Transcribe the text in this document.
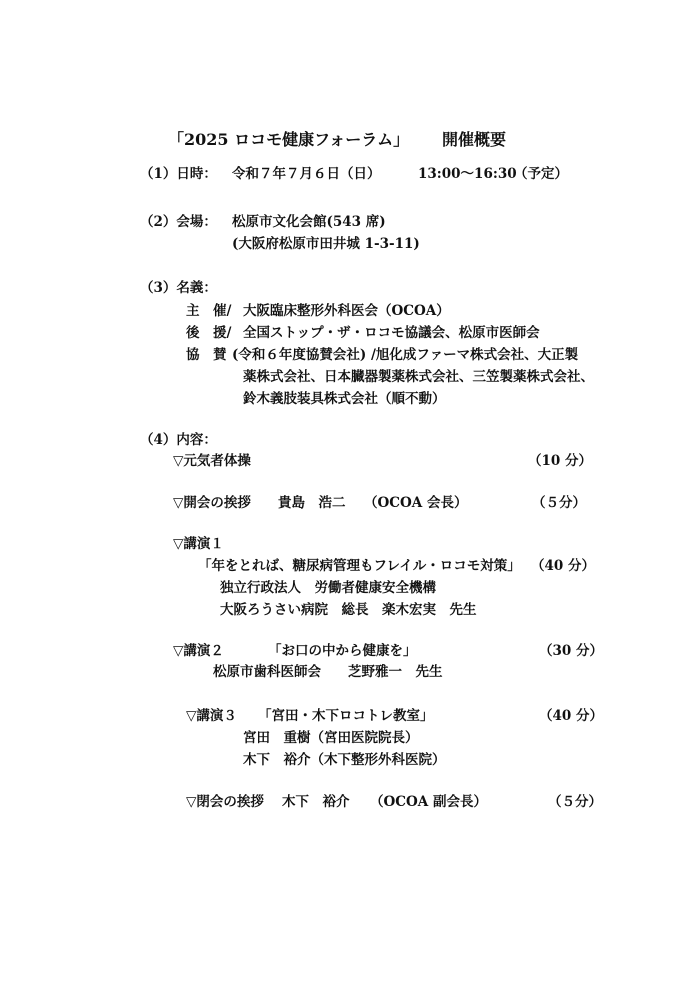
「2025 ロコモ健康フォーラム」 開催概要
（1）日時： 令和７年７月６日（日）	13:00～16:30
（予定）
（2）会場： 松原市文化会館(543 席)
(大阪府松原市田井城 1-3-11)
（3）名義：
主　催/ 大阪臨床整形外科医会（OCOA）
後　援/ 全国ストップ・ザ・ロコモ協議会、松原市医師会
協　賛 (令和６年度協賛会社) /旭化成ファーマ株式会社、大正製
薬株式会社、日本臓器製薬株式会社、三笠製薬株式会社、
鈴木義肢装具株式会社（順不動）
（4）内容：
▽元気者体操	（10 分）
▽開会の挨拶 貴島　浩二 （OCOA 会長）	（５分）
▽講演１
「年をとれば、糖尿病管理もフレイル・ロコモ対策」 （40 分）
独立行政法人　労働者健康安全機構
大阪ろうさい病院　総長　楽木宏実　先生
▽講演２	「お口の中から健康を」	（30 分）
松原市歯科医師会　　芝野雅一　先生
▽講演３ 「宮田・木下ロコトレ教室」	（40 分）
宮田　重樹（宮田医院院長）
木下　裕介（木下整形外科医院）
▽閉会の挨拶 木下　裕介 （OCOA 副会長）	（５分）
